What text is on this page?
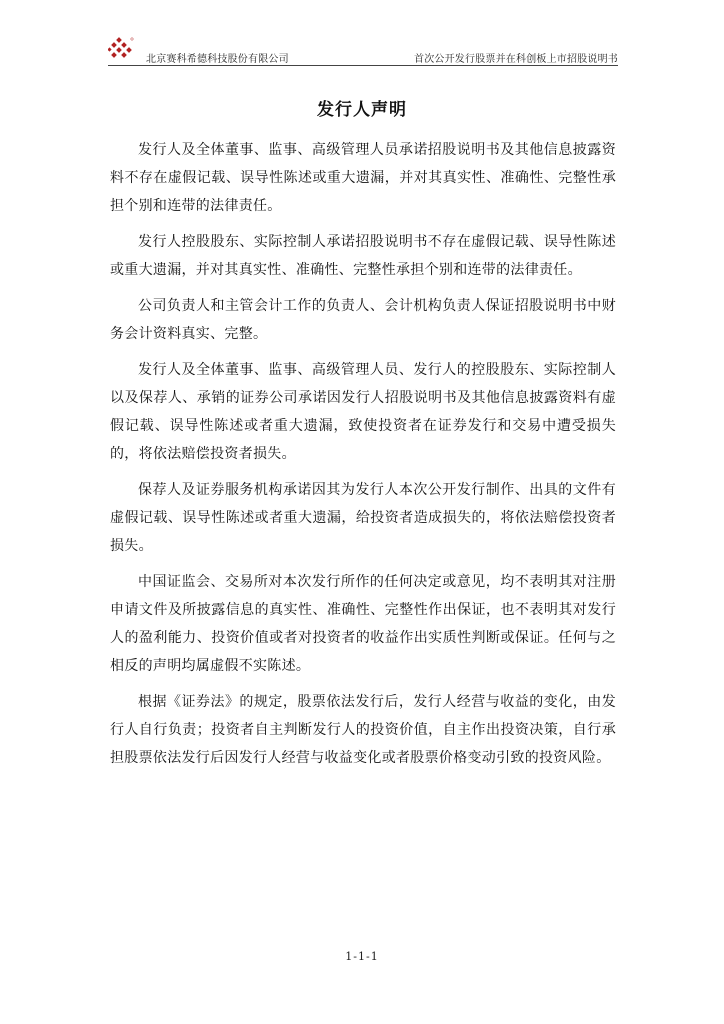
北京赛科希德科技股份有限公司	首次公开发行股票并在科创板上市招股说明书
发行人声明

发行人及全体董事、监事、高级管理人员承诺招股说明书及其他信息披露资料不存在虚假记载、误导性陈述或重大遗漏，并对其真实性、准确性、完整性承担个别和连带的法律责任。

发行人控股股东、实际控制人承诺招股说明书不存在虚假记载、误导性陈述或重大遗漏，并对其真实性、准确性、完整性承担个别和连带的法律责任。

公司负责人和主管会计工作的负责人、会计机构负责人保证招股说明书中财务会计资料真实、完整。

发行人及全体董事、监事、高级管理人员、发行人的控股股东、实际控制人以及保荐人、承销的证券公司承诺因发行人招股说明书及其他信息披露资料有虚假记载、误导性陈述或者重大遗漏，致使投资者在证券发行和交易中遭受损失的，将依法赔偿投资者损失。

保荐人及证券服务机构承诺因其为发行人本次公开发行制作、出具的文件有虚假记载、误导性陈述或者重大遗漏，给投资者造成损失的，将依法赔偿投资者损失。

中国证监会、交易所对本次发行所作的任何决定或意见，均不表明其对注册申请文件及所披露信息的真实性、准确性、完整性作出保证，也不表明其对发行人的盈利能力、投资价值或者对投资者的收益作出实质性判断或保证。任何与之相反的声明均属虚假不实陈述。

根据《证券法》的规定，股票依法发行后，发行人经营与收益的变化，由发行人自行负责；投资者自主判断发行人的投资价值，自主作出投资决策，自行承担股票依法发行后因发行人经营与收益变化或者股票价格变动引致的投资风险。

1-1-1
